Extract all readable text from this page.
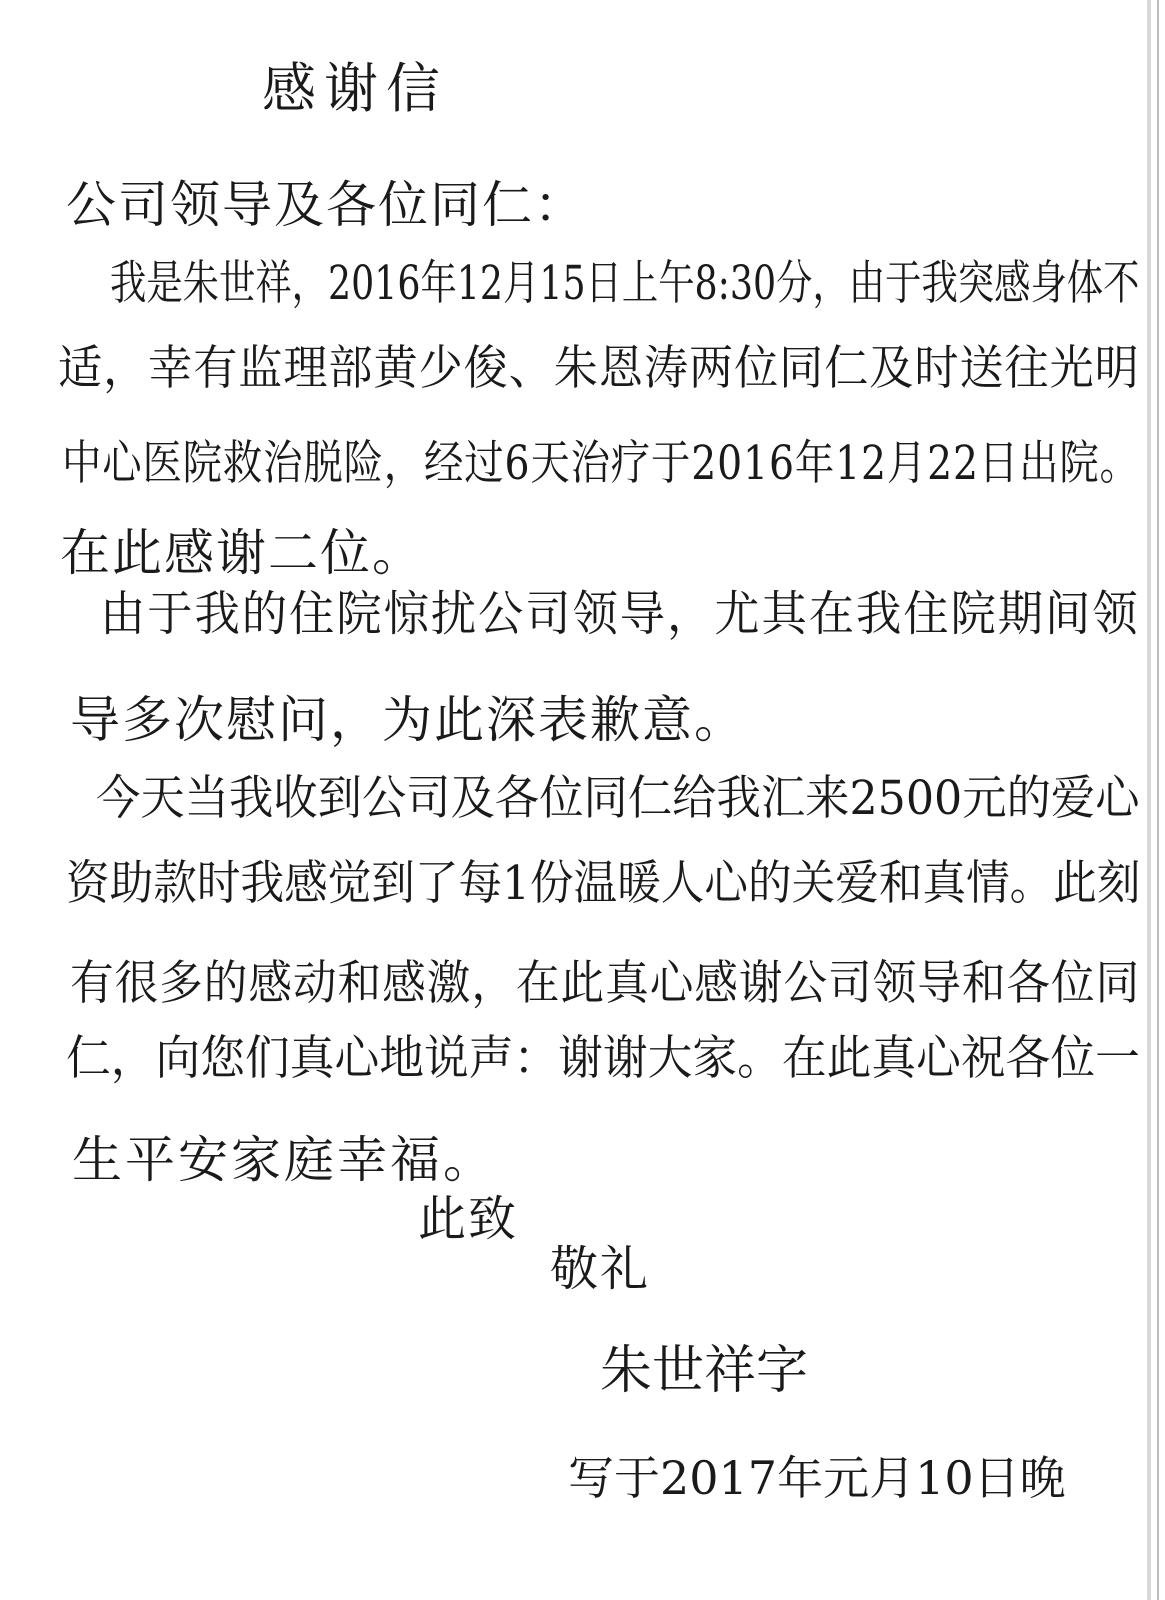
感谢信
公司领导及各位同仁：
我是朱世祥，2016年12月15日上午8:30分，由于我突感身体不
适，幸有监理部黄少俊、朱恩涛两位同仁及时送往光明
中心医院救治脱险，经过6天治疗于2016年12月22日出院。
在此感谢二位。
由于我的住院惊扰公司领导，尤其在我住院期间领
导多次慰问，为此深表歉意。
今天当我收到公司及各位同仁给我汇来2500元的爱心
资助款时我感觉到了每1份温暖人心的关爱和真情。此刻
有很多的感动和感激，在此真心感谢公司领导和各位同
仁，向您们真心地说声：谢谢大家。在此真心祝各位一
生平安家庭幸福。
此致
敬礼
朱世祥字
写于2017年元月10日晚
